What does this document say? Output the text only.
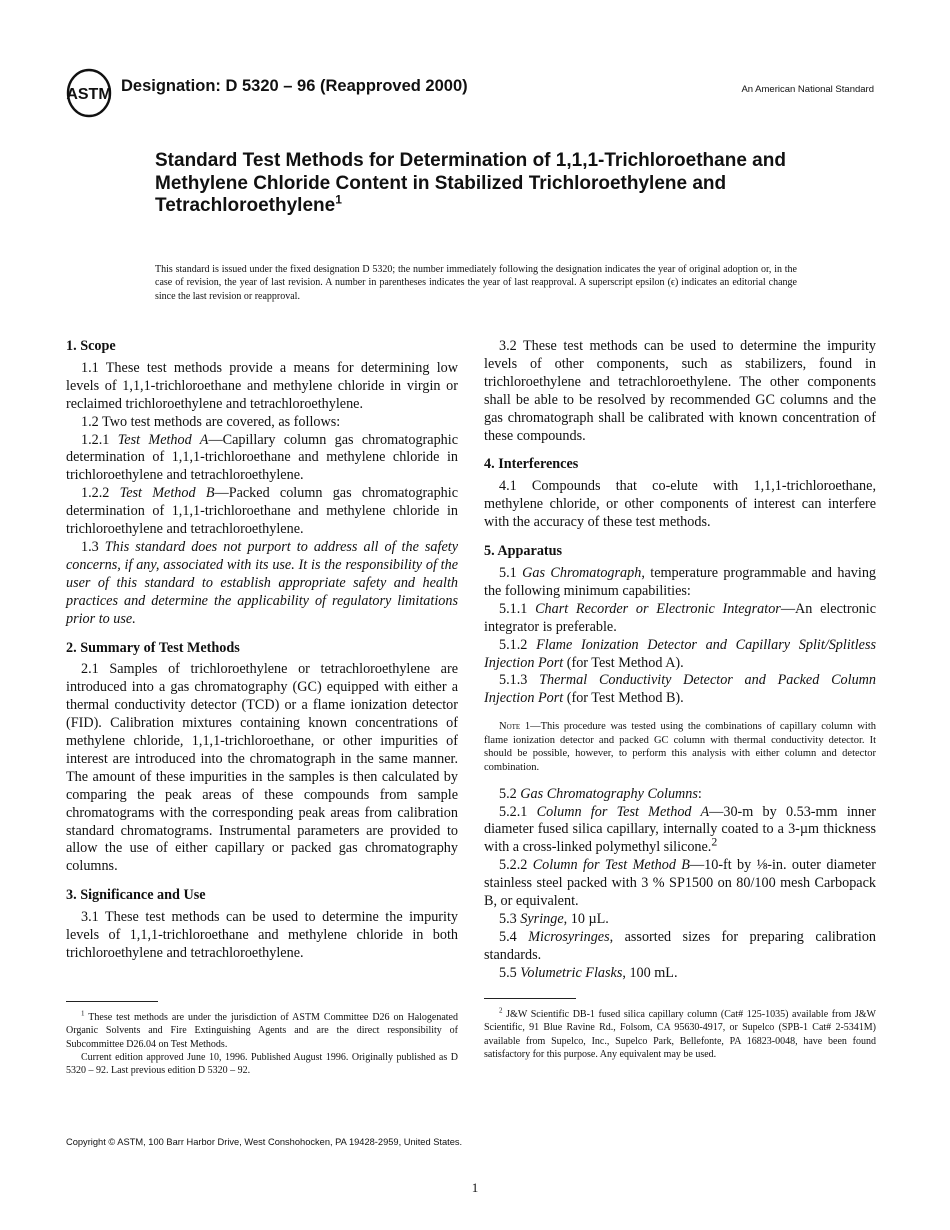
ASTM Designation: D 5320 – 96 (Reapproved 2000)	An American National Standard
Standard Test Methods for Determination of 1,1,1-Trichloroethane and Methylene Chloride Content in Stabilized Trichloroethylene and Tetrachloroethylene$^1$

This standard is issued under the fixed designation D 5320; the number immediately following the designation indicates the year of original adoption or, in the case of revision, the year of last revision. A number in parentheses indicates the year of last reapproval. A superscript epsilon (ϵ) indicates an editorial change since the last revision or reapproval.

1. Scope

1.1 These test methods provide a means for determining low levels of 1,1,1-trichloroethane and methylene chloride in virgin or reclaimed trichloroethylene and tetrachloroethylene.

1.2 Two test methods are covered, as follows:

1.2.1 Test Method A—Capillary column gas chromatographic determination of 1,1,1-trichloroethane and methylene chloride in trichloroethylene and tetrachloroethylene.

1.2.2 Test Method B—Packed column gas chromatographic determination of 1,1,1-trichloroethane and methylene chloride in trichloroethylene and tetrachloroethylene.

1.3 This standard does not purport to address all of the safety concerns, if any, associated with its use. It is the responsibility of the user of this standard to establish appropriate safety and health practices and determine the applicability of regulatory limitations prior to use.

2. Summary of Test Methods

2.1 Samples of trichloroethylene or tetrachloroethylene are introduced into a gas chromatography (GC) equipped with either a thermal conductivity detector (TCD) or a flame ionization detector (FID). Calibration mixtures containing known concentrations of methylene chloride, 1,1,1-trichloroethane, or other impurities of interest are introduced into the chromatograph in the same manner. The amount of these impurities in the samples is then calculated by comparing the peak areas of these compounds from sample chromatograms with the corresponding peak areas from calibration standard chromatograms. Instrumental parameters are provided to allow the use of either capillary or packed gas chromatography columns.

3. Significance and Use

3.1 These test methods can be used to determine the impurity levels of 1,1,1-trichloroethane and methylene chloride in both trichloroethylene and tetrachloroethylene.

3.2 These test methods can be used to determine the impurity levels of other components, such as stabilizers, found in trichloroethylene and tetrachloroethylene. The other components shall be able to be resolved by recommended GC columns and the gas chromatograph shall be calibrated with known concentration of these compounds.

4. Interferences

4.1 Compounds that co-elute with 1,1,1-trichloroethane, methylene chloride, or other components of interest can interfere with the accuracy of these test methods.

5. Apparatus

5.1 Gas Chromatograph, temperature programmable and having the following minimum capabilities:

5.1.1 Chart Recorder or Electronic Integrator—An electronic integrator is preferable.

5.1.2 Flame Ionization Detector and Capillary Split/Splitless Injection Port (for Test Method A).

5.1.3 Thermal Conductivity Detector and Packed Column Injection Port (for Test Method B).

Note 1—This procedure was tested using the combinations of capillary column with flame ionization detector and packed GC column with thermal conductivity detector. It should be possible, however, to perform this analysis with either column and detector combination.

5.2 Gas Chromatography Columns:

5.2.1 Column for Test Method A—30-m by 0.53-mm inner diameter fused silica capillary, internally coated to a 3-µm thickness with a cross-linked polymethyl silicone.$^2$

5.2.2 Column for Test Method B—10-ft by ⅛-in. outer diameter stainless steel packed with 3 % SP1500 on 80/100 mesh Carbopack B, or equivalent.

5.3 Syringe, 10 µL.

5.4 Microsyringes, assorted sizes for preparing calibration standards.

5.5 Volumetric Flasks, 100 mL.

$^1$ These test methods are under the jurisdiction of ASTM Committee D26 on Halogenated Organic Solvents and Fire Extinguishing Agents and are the direct responsibility of Subcommittee D26.04 on Test Methods.

Current edition approved June 10, 1996. Published August 1996. Originally published as D 5320 – 92. Last previous edition D 5320 – 92.

$^2$ J&W Scientific DB-1 fused silica capillary column (Cat# 125-1035) available from J&W Scientific, 91 Blue Ravine Rd., Folsom, CA 95630-4917, or Supelco (SPB-1 Cat# 2-5341M) available from Supelco, Inc., Supelco Park, Bellefonte, PA 16823-0048, have been found satisfactory for this purpose. Any equivalent may be used.

Copyright © ASTM, 100 Barr Harbor Drive, West Conshohocken, PA 19428-2959, United States.
1
